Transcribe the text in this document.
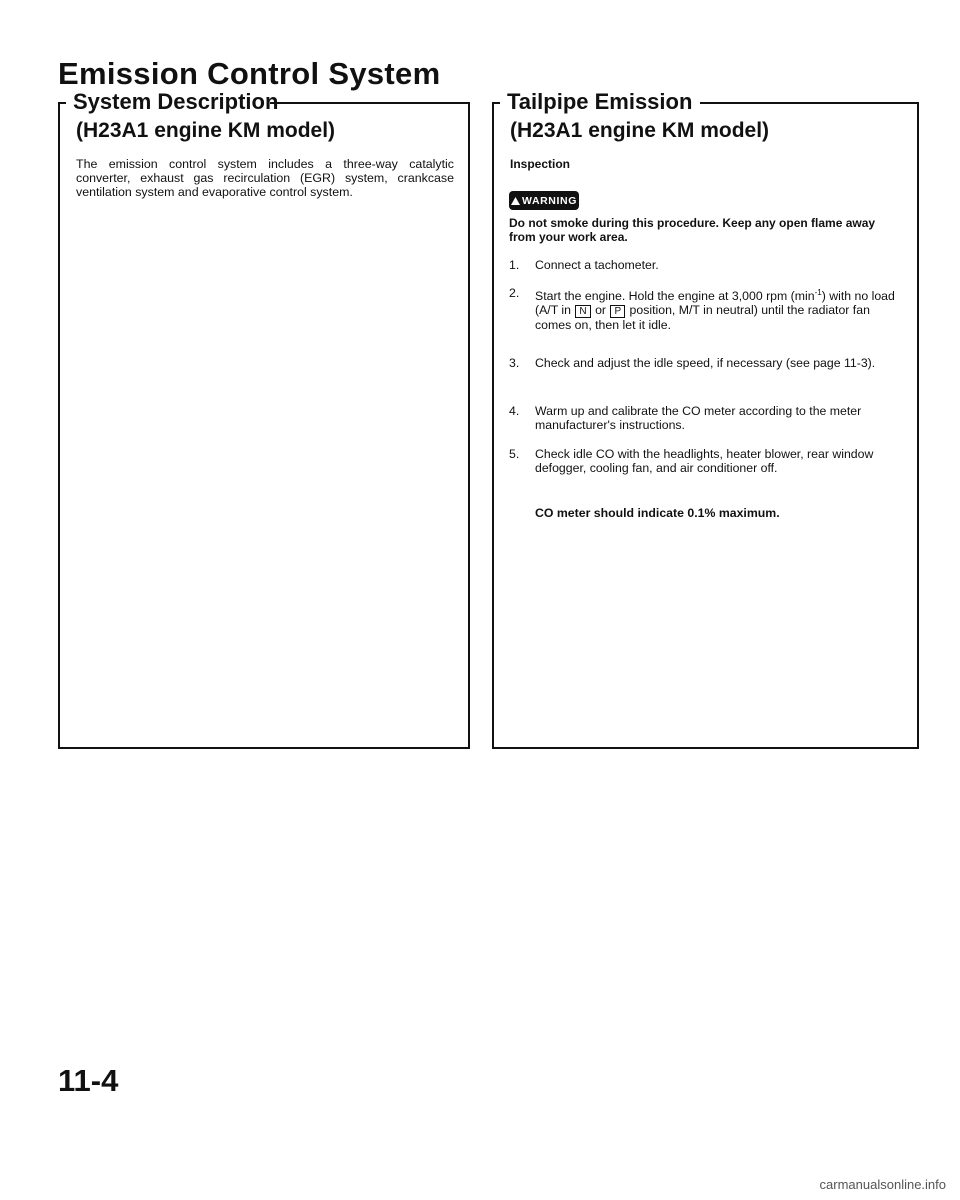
Emission Control System
System Description
(H23A1 engine KM model)
The emission control system includes a three-way catalytic converter, exhaust gas recirculation (EGR) system, crankcase ventilation system and evaporative control system.
Tailpipe Emission
(H23A1 engine KM model)
Inspection
WARNING
Do not smoke during this procedure. Keep any open flame away from your work area.
1.	Connect a tachometer.
2.	Start the engine. Hold the engine at 3,000 rpm $(\min^{-1})$ with no load (A/T in N or P position, M/T in neutral) until the radiator fan comes on, then let it idle.
3.	Check and adjust the idle speed, if necessary (see page 11-3).
4.	Warm up and calibrate the CO meter according to the meter manufacturer's instructions.
5.	Check idle CO with the headlights, heater blower, rear window defogger, cooling fan, and air conditioner off.
CO meter should indicate 0.1% maximum.
11-4
carmanualsonline.info
